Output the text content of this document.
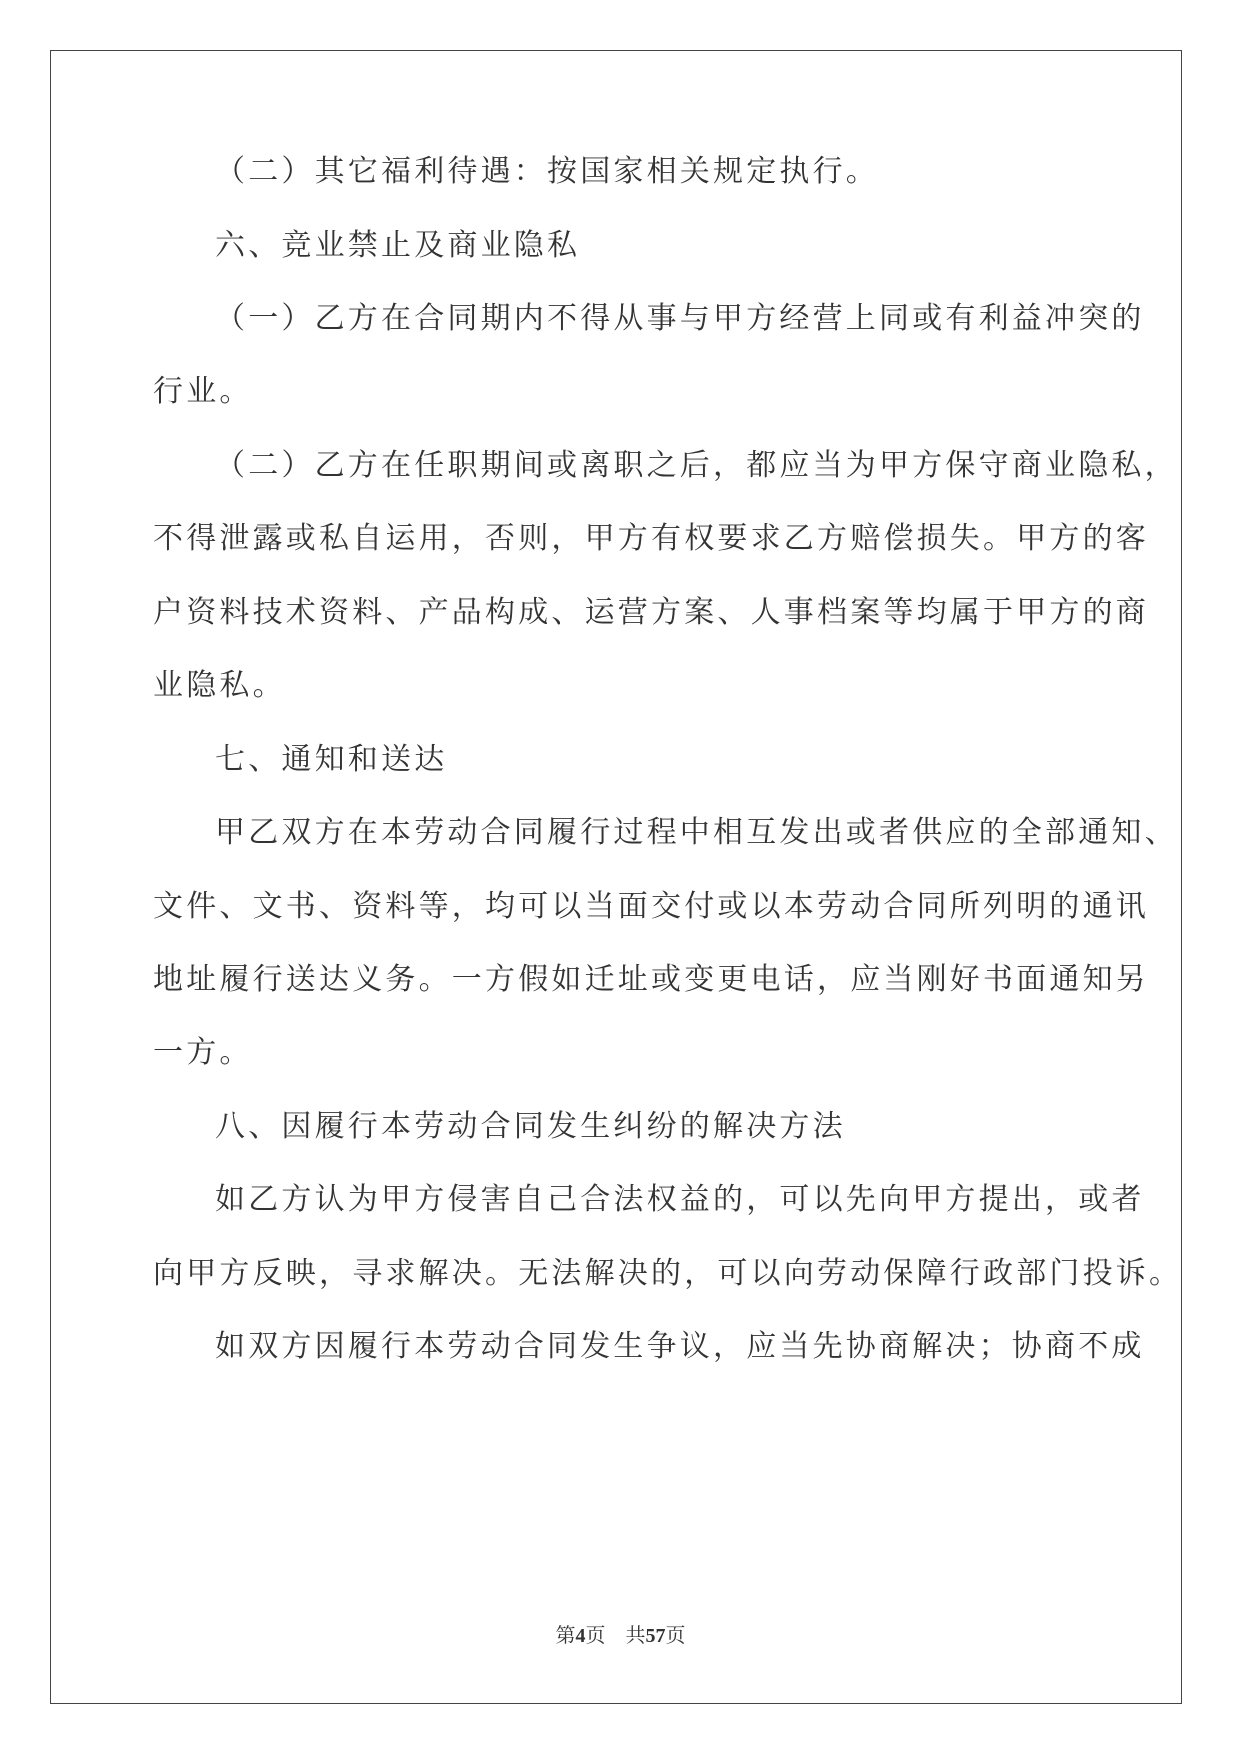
（二）其它福利待遇：按国家相关规定执行。
六、竞业禁止及商业隐私
（一）乙方在合同期内不得从事与甲方经营上同或有利益冲突的
行业。
（二）乙方在任职期间或离职之后，都应当为甲方保守商业隐私，
不得泄露或私自运用，否则，甲方有权要求乙方赔偿损失。甲方的客
户资料技术资料、产品构成、运营方案、人事档案等均属于甲方的商
业隐私。
七、通知和送达
甲乙双方在本劳动合同履行过程中相互发出或者供应的全部通知、
文件、文书、资料等，均可以当面交付或以本劳动合同所列明的通讯
地址履行送达义务。一方假如迁址或变更电话，应当刚好书面通知另
一方。
八、因履行本劳动合同发生纠纷的解决方法
如乙方认为甲方侵害自己合法权益的，可以先向甲方提出，或者
向甲方反映，寻求解决。无法解决的，可以向劳动保障行政部门投诉。
如双方因履行本劳动合同发生争议，应当先协商解决；协商不成
第4页 共57页
